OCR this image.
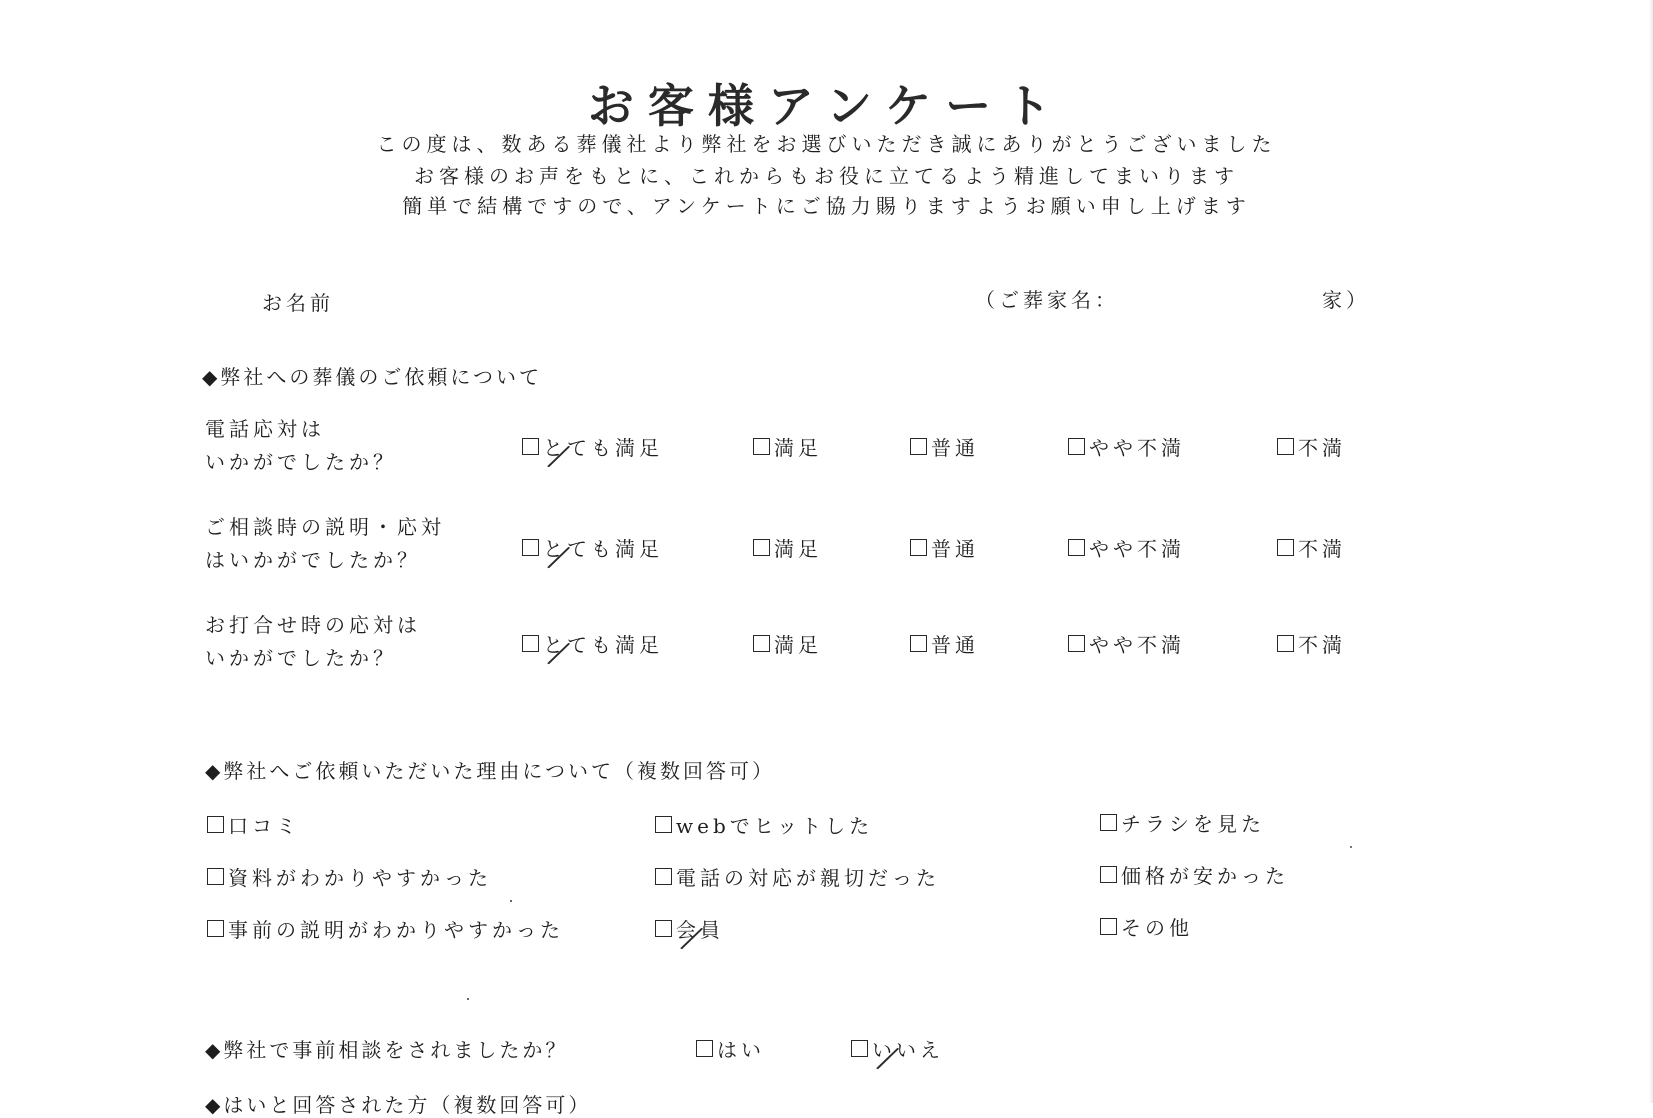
お客様アンケート
この度は、数ある葬儀社より弊社をお選びいただき誠にありがとうございました
お客様のお声をもとに、これからもお役に立てるよう精進してまいります
簡単で結構ですので、アンケートにご協力賜りますようお願い申し上げます
お名前	（ご葬家名：	家）
◆弊社への葬儀のご依頼について
電話応対は
いかがでしたか？
とても満足	満足	普通	やや不満	不満
ご相談時の説明・応対
はいかがでしたか？	とても満足	満足	普通	やや不満	不満
お打合せ時の応対は
いかがでしたか？
とても満足	満足	普通	やや不満	不満
◆弊社へご依頼いただいた理由について（複数回答可）
口コミ	webでヒットした	チラシを見た
資料がわかりやすかった	電話の対応が親切だった	価格が安かった
事前の説明がわかりやすかった	会員	その他
◆弊社で事前相談をされましたか？	はい	いいえ
◆はいと回答された方（複数回答可）
